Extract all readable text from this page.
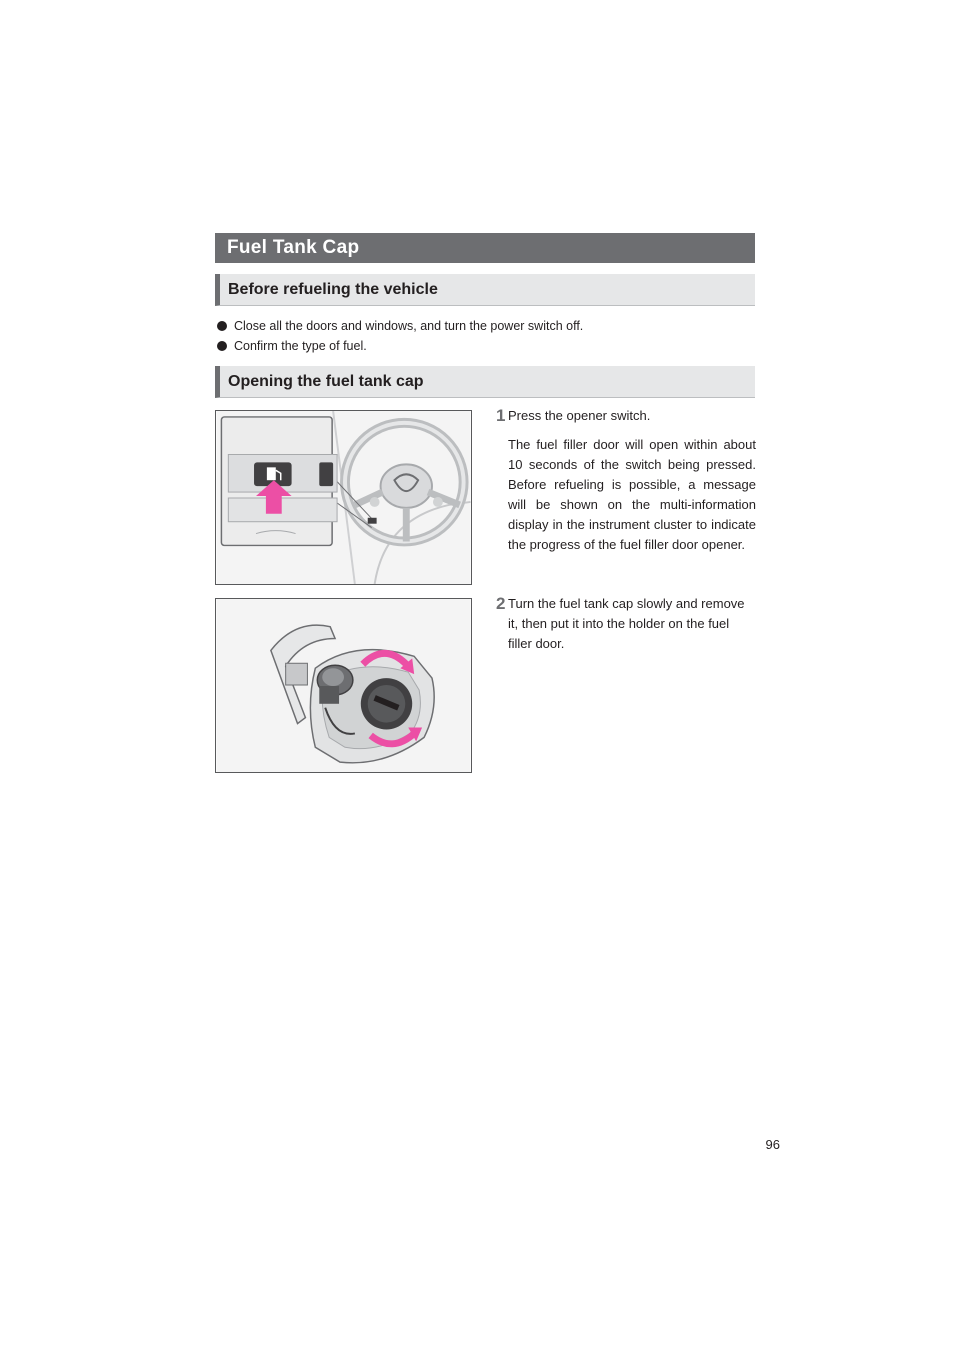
Fuel Tank Cap
Before refueling the vehicle
Close all the doors and windows, and turn the power switch off.
Confirm the type of fuel.
Opening the fuel tank cap
1 Press the opener switch.
The fuel filler door will open within about 10 seconds of the switch being pressed. Before refueling is possible, a message will be shown on the multi-information display in the instrument cluster to indicate the progress of the fuel filler door opener.
2 Turn the fuel tank cap slowly and remove it, then put it into the holder on the fuel filler door.
96
